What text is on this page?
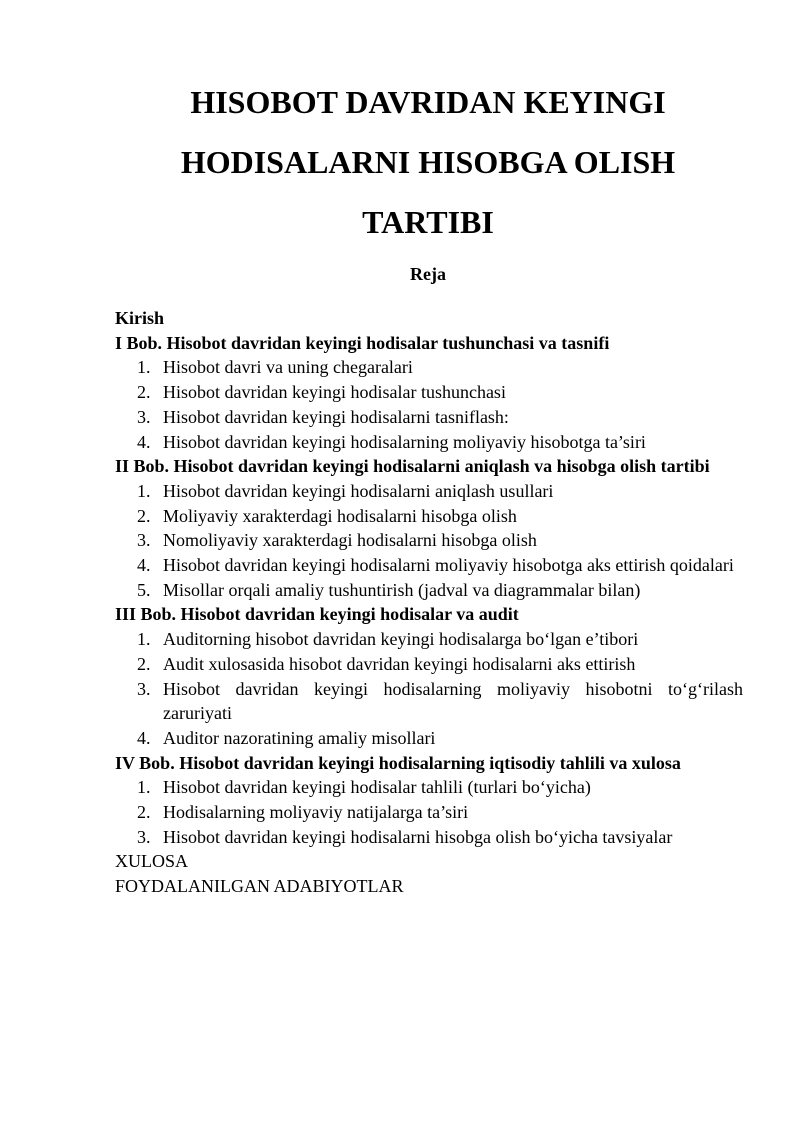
HISOBOT DAVRIDAN KEYINGI
HODISALARNI HISOBGA OLISH
TARTIBI

Reja

Kirish

I Bob. Hisobot davridan keyingi hodisalar tushunchasi va tasnifi

1. Hisobot davri va uning chegaralari
2. Hisobot davridan keyingi hodisalar tushunchasi
3. Hisobot davridan keyingi hodisalarni tasniflash:
4. Hisobot davridan keyingi hodisalarning moliyaviy hisobotga ta’siri

II Bob. Hisobot davridan keyingi hodisalarni aniqlash va hisobga olish tartibi

1. Hisobot davridan keyingi hodisalarni aniqlash usullari
2. Moliyaviy xarakterdagi hodisalarni hisobga olish
3. Nomoliyaviy xarakterdagi hodisalarni hisobga olish
4. Hisobot davridan keyingi hodisalarni moliyaviy hisobotga aks ettirish qoidalari
5. Misollar orqali amaliy tushuntirish (jadval va diagrammalar bilan)

III Bob. Hisobot davridan keyingi hodisalar va audit

1. Auditorning hisobot davridan keyingi hodisalarga bo‘lgan e’tibori
2. Audit xulosasida hisobot davridan keyingi hodisalarni aks ettirish
3. Hisobot davridan keyingi hodisalarning moliyaviy hisobotni to‘g‘rilash zaruriyati
4. Auditor nazoratining amaliy misollari

IV Bob. Hisobot davridan keyingi hodisalarning iqtisodiy tahlili va xulosa

1. Hisobot davridan keyingi hodisalar tahlili (turlari bo‘yicha)
2. Hodisalarning moliyaviy natijalarga ta’siri
3. Hisobot davridan keyingi hodisalarni hisobga olish bo‘yicha tavsiyalar

XULOSA

FOYDALANILGAN ADABIYOTLAR
